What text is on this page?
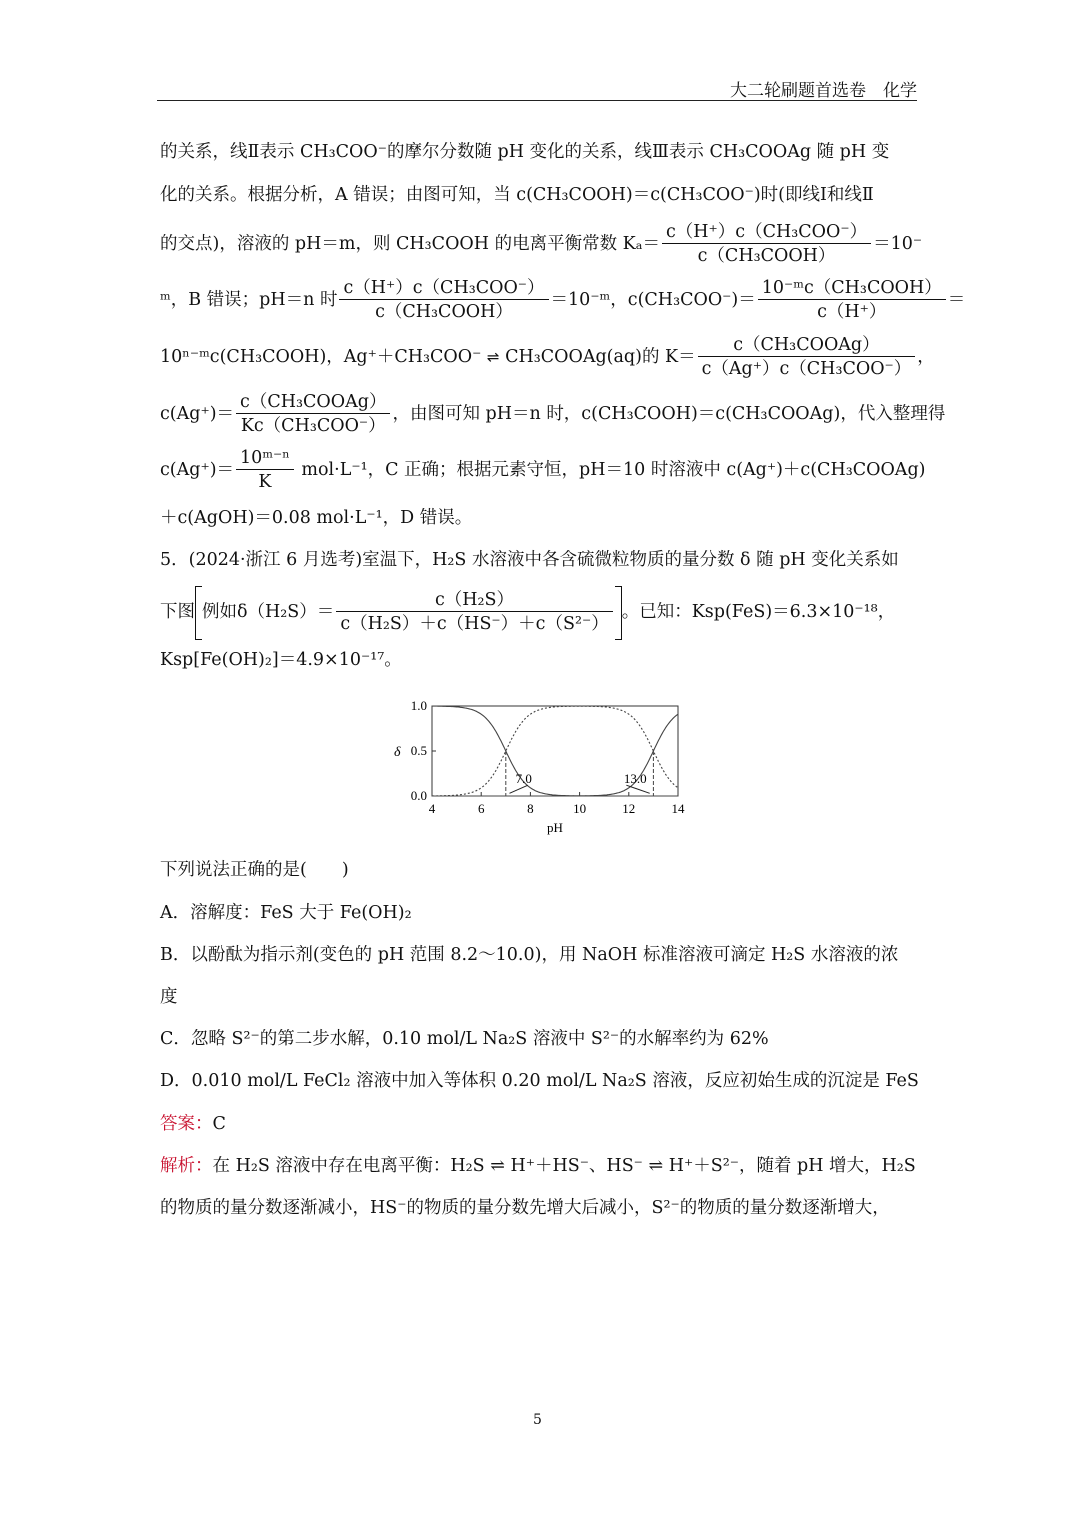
大二轮刷题首选卷　化学
的关系，线Ⅱ表示 CH₃COO⁻的摩尔分数随 pH 变化的关系，线Ⅲ表示 CH₃COOAg 随 pH 变
化的关系。根据分析，A 错误；由图可知，当 c(CH₃COOH)＝c(CH₃COO⁻)时(即线Ⅰ和线Ⅱ
的交点)，溶液的 pH＝m，则 CH₃COOH 的电离平衡常数 $K_a= \frac{\text{c（H⁺）c（CH₃COO⁻）}}{\text{c（CH₃COOH）}} =10^-$
ᵐ，B 错误；pH＝n 时 $\frac{\text{c（H⁺）c（CH₃COO⁻）}}{\text{c（CH₃COOH）}}$ ＝10⁻ᵐ，$c(CH_3COO^-)= \frac{\text{10⁻ᵐc（CH₃COOH）}}{c(H^+)}$ ＝
10ⁿ⁻ᵐc(CH₃COOH)，Ag⁺＋CH₃COO⁻ ⇌ CH₃COOAg(aq)的 $K= \frac{\text{c（CH₃COOAg）}}{\text{c（Ag⁺）c（CH₃COO⁻）}}$ ，
$c(Ag^+)= \frac{\text{c（CH₃COOAg）}}{\text{Kc（CH₃COO⁻）}}$ ，由图可知 pH＝n 时，c(CH₃COOH)＝c(CH₃COOAg)，代入整理得
$c(Ag^+)= \frac{\text{10ᵐ⁻ⁿ}}{K} mol\cdot L^{-1}$，C 正确；根据元素守恒，pH＝10 时溶液中 c(Ag⁺)＋c(CH₃COOAg)
＋c(AgOH)＝0.08 mol·L⁻¹，D 错误。
5．(2024·浙江 6 月选考)室温下，H₂S 水溶液中各含硫微粒物质的量分数 δ 随 pH 变化关系如
下图 例如$\delta(H_2S)= \frac{\text{c（H₂S）}}{\text{c（H₂S）＋c（HS⁻）＋c（S²⁻）}}$ 。已知：Ksp(FeS)＝6.3×10⁻¹⁸，
Ksp[Fe(OH)₂]＝4.9×10⁻¹⁷。
4	6	8	10	12	14
0.0
0.5
1.0
pH
δ
7.0	13.0
下列说法正确的是(　　)
A．溶解度：FeS 大于 Fe(OH)₂
B．以酚酞为指示剂(变色的 pH 范围 8.2～10.0)，用 NaOH 标准溶液可滴定 H₂S 水溶液的浓
度
C．忽略 S²⁻的第二步水解，0.10 mol/L Na₂S 溶液中 S²⁻的水解率约为 62%
D．0.010 mol/L FeCl₂ 溶液中加入等体积 0.20 mol/L Na₂S 溶液，反应初始生成的沉淀是 FeS
答案：C
解析：在 H₂S 溶液中存在电离平衡：H₂S ⇌ H⁺＋HS⁻、HS⁻ ⇌ H⁺＋S²⁻，随着 pH 增大，H₂S
的物质的量分数逐渐减小，HS⁻的物质的量分数先增大后减小，S²⁻的物质的量分数逐渐增大，
5
